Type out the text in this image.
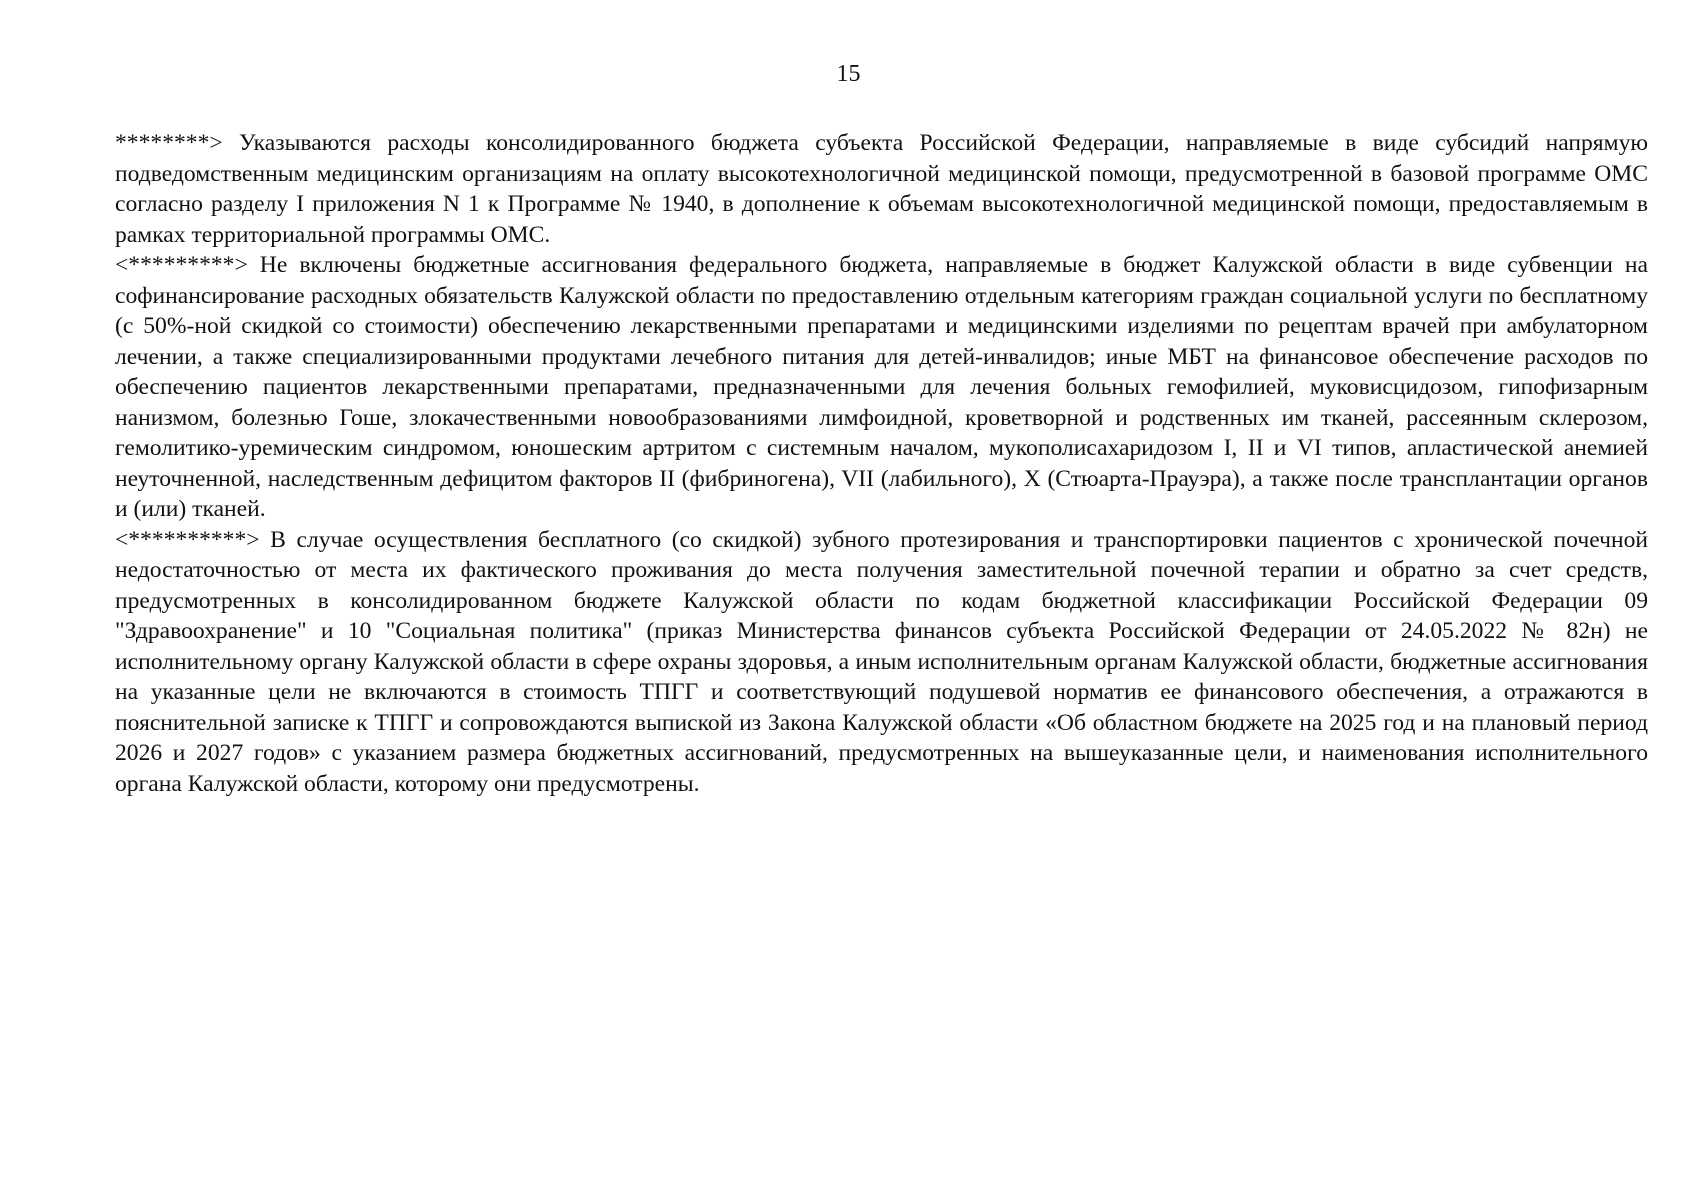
15

********> Указываются расходы консолидированного бюджета субъекта Российской Федерации, направляемые в виде субсидий напрямую подведомственным медицинским организациям на оплату высокотехнологичной медицинской помощи, предусмотренной в базовой программе ОМС согласно разделу I приложения N 1 к Программе № 1940, в дополнение к объемам высокотехнологичной медицинской помощи, предоставляемым в рамках территориальной программы ОМС.

<*********> Не включены бюджетные ассигнования федерального бюджета, направляемые в бюджет Калужской области в виде субвенции на софинансирование расходных обязательств Калужской области по предоставлению отдельным категориям граждан социальной услуги по бесплатному (с 50%-ной скидкой со стоимости) обеспечению лекарственными препаратами и медицинскими изделиями по рецептам врачей при амбулаторном лечении, а также специализированными продуктами лечебного питания для детей-инвалидов; иные МБТ на финансовое обеспечение расходов по обеспечению пациентов лекарственными препаратами, предназначенными для лечения больных гемофилией, муковисцидозом, гипофизарным нанизмом, болезнью Гоше, злокачественными новообразованиями лимфоидной, кроветворной и родственных им тканей, рассеянным склерозом, гемолитико-уремическим синдромом, юношеским артритом с системным началом, мукополисахаридозом I, II и VI типов, апластической анемией неуточненной, наследственным дефицитом факторов II (фибриногена), VII (лабильного), X (Стюарта-Прауэра), а также после трансплантации органов и (или) тканей.

<**********> В случае осуществления бесплатного (со скидкой) зубного протезирования и транспортировки пациентов с хронической почечной недостаточностью от места их фактического проживания до места получения заместительной почечной терапии и обратно за счет средств, предусмотренных в консолидированном бюджете Калужской области по кодам бюджетной классификации Российской Федерации 09 "Здравоохранение" и 10 "Социальная политика" (приказ Министерства финансов субъекта Российской Федерации от 24.05.2022 № 82н) не исполнительному органу Калужской области в сфере охраны здоровья, а иным исполнительным органам Калужской области, бюджетные ассигнования на указанные цели не включаются в стоимость ТПГГ и соответствующий подушевой норматив ее финансового обеспечения, а отражаются в пояснительной записке к ТПГГ и сопровождаются выпиской из Закона Калужской области «Об областном бюджете на 2025 год и на плановый период 2026 и 2027 годов» с указанием размера бюджетных ассигнований, предусмотренных на вышеуказанные цели, и наименования исполнительного органа Калужской области, которому они предусмотрены.
